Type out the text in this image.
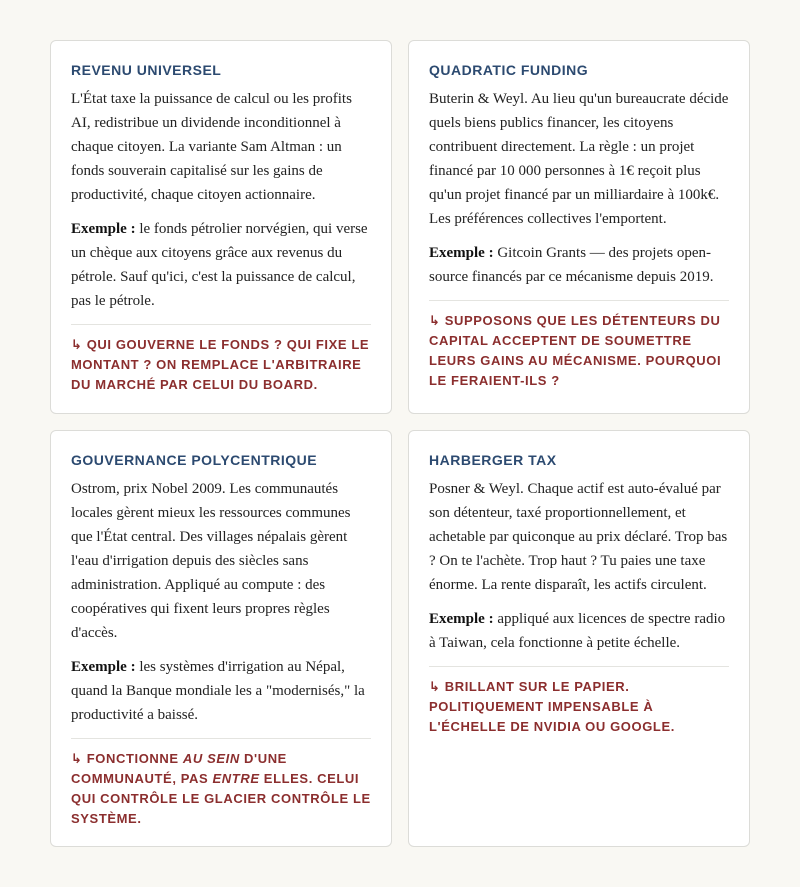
REVENU UNIVERSEL

L'État taxe la puissance de calcul ou les profits AI, redistribue un dividende inconditionnel à chaque citoyen. La variante Sam Altman : un fonds souverain capitalisé sur les gains de productivité, chaque citoyen actionnaire.

Exemple : le fonds pétrolier norvégien, qui verse un chèque aux citoyens grâce aux revenus du pétrole. Sauf qu'ici, c'est la puissance de calcul, pas le pétrole.

↳ QUI GOUVERNE LE FONDS ? QUI FIXE LE MONTANT ? ON REMPLACE L'ARBITRAIRE DU MARCHÉ PAR CELUI DU BOARD.

QUADRATIC FUNDING

Buterin & Weyl. Au lieu qu'un bureaucrate décide quels biens publics financer, les citoyens contribuent directement. La règle : un projet financé par 10 000 personnes à 1€ reçoit plus qu'un projet financé par un milliardaire à 100k€. Les préférences collectives l'emportent.

Exemple : Gitcoin Grants — des projets open-source financés par ce mécanisme depuis 2019.

↳ SUPPOSONS QUE LES DÉTENTEURS DU CAPITAL ACCEPTENT DE SOUMETTRE LEURS GAINS AU MÉCANISME. POURQUOI LE FERAIENT-ILS ?

GOUVERNANCE POLYCENTRIQUE

Ostrom, prix Nobel 2009. Les communautés locales gèrent mieux les ressources communes que l'État central. Des villages népalais gèrent l'eau d'irrigation depuis des siècles sans administration. Appliqué au compute : des coopératives qui fixent leurs propres règles d'accès.

Exemple : les systèmes d'irrigation au Népal, quand la Banque mondiale les a "modernisés," la productivité a baissé.

↳ FONCTIONNE AU SEIN D'UNE COMMUNAUTÉ, PAS ENTRE ELLES. CELUI QUI CONTRÔLE LE GLACIER CONTRÔLE LE SYSTÈME.

HARBERGER TAX

Posner & Weyl. Chaque actif est auto-évalué par son détenteur, taxé proportionnellement, et achetable par quiconque au prix déclaré. Trop bas ? On te l'achète. Trop haut ? Tu paies une taxe énorme. La rente disparaît, les actifs circulent.

Exemple : appliqué aux licences de spectre radio à Taiwan, cela fonctionne à petite échelle.

↳ BRILLANT SUR LE PAPIER. POLITIQUEMENT IMPENSABLE À L'ÉCHELLE DE NVIDIA OU GOOGLE.
